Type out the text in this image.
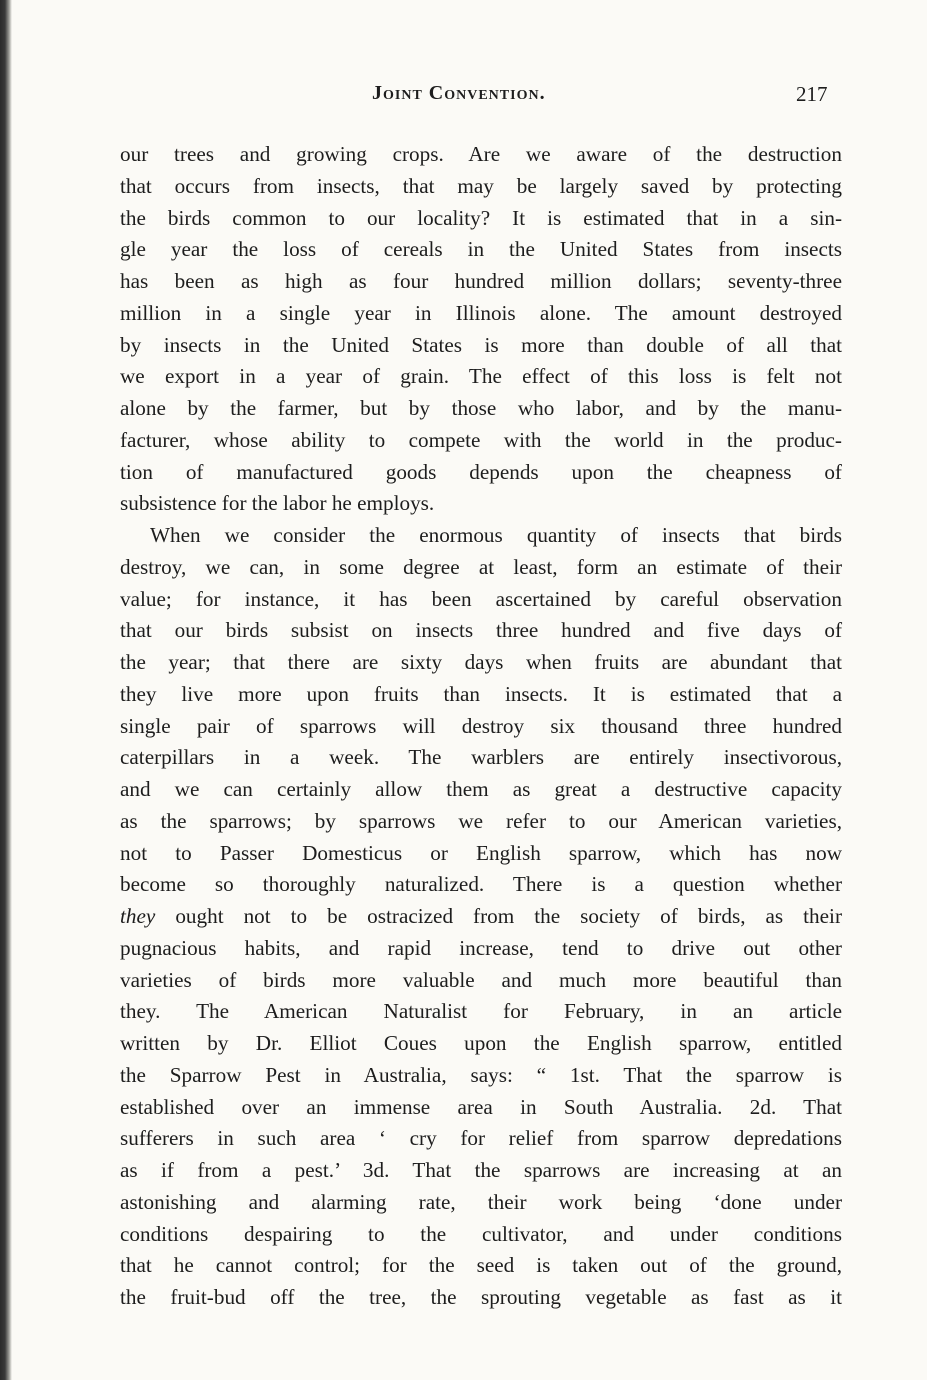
Joint Convention.	217
our trees and growing crops. Are we aware of the destruction
that occurs from insects, that may be largely saved by protecting
the birds common to our locality? It is estimated that in a sin-
gle year the loss of cereals in the United States from insects
has been as high as four hundred million dollars; seventy-three
million in a single year in Illinois alone. The amount destroyed
by insects in the United States is more than double of all that
we export in a year of grain. The effect of this loss is felt not
alone by the farmer, but by those who labor, and by the manu-
facturer, whose ability to compete with the world in the produc-
tion of manufactured goods depends upon the cheapness of
subsistence for the labor he employs.
When we consider the enormous quantity of insects that birds
destroy, we can, in some degree at least, form an estimate of their
value; for instance, it has been ascertained by careful observation
that our birds subsist on insects three hundred and five days of
the year; that there are sixty days when fruits are abundant that
they live more upon fruits than insects. It is estimated that a
single pair of sparrows will destroy six thousand three hundred
caterpillars in a week. The warblers are entirely insectivorous,
and we can certainly allow them as great a destructive capacity
as the sparrows; by sparrows we refer to our American varieties,
not to Passer Domesticus or English sparrow, which has now
become so thoroughly naturalized. There is a question whether
they ought not to be ostracized from the society of birds, as their
pugnacious habits, and rapid increase, tend to drive out other
varieties of birds more valuable and much more beautiful than
they. The American Naturalist for February, in an article
written by Dr. Elliot Coues upon the English sparrow, entitled
the Sparrow Pest in Australia, says: “ 1st. That the sparrow is
established over an immense area in South Australia. 2d. That
sufferers in such area ‘ cry for relief from sparrow depredations
as if from a pest.’ 3d. That the sparrows are increasing at an
astonishing and alarming rate, their work being ‘done under
conditions despairing to the cultivator, and under conditions
that he cannot control; for the seed is taken out of the ground,
the fruit-bud off the tree, the sprouting vegetable as fast as it
